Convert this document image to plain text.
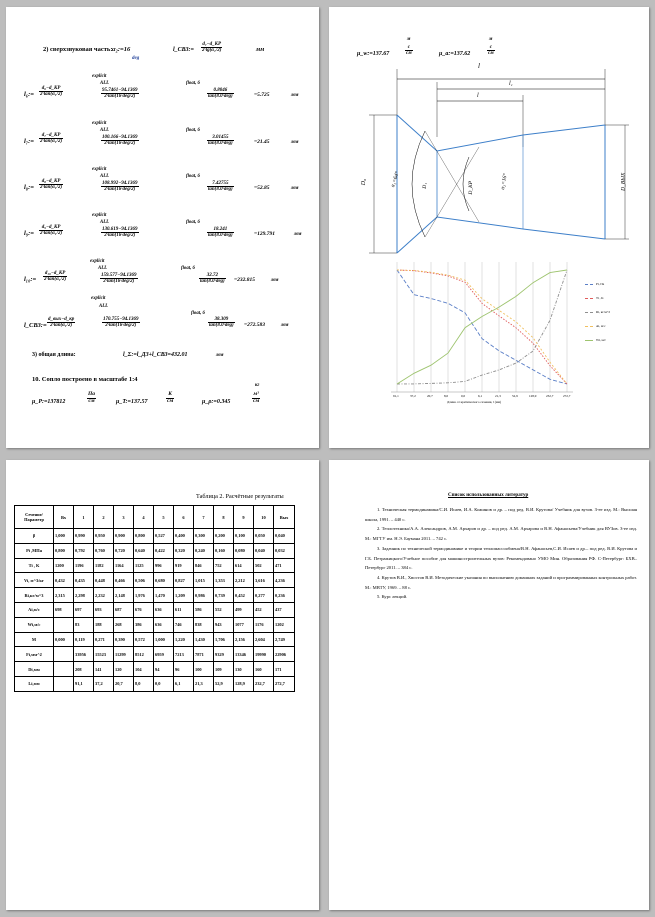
2) сверхзвуковая часть: α₂:=16
deg
l_СВЗ:=
d₇−d_КР
2·tg(α₁/2)	мм
l₆:=
d₆−d_КР
2·tan(α₁/2)
explicit
ALL
95.7461−94.1369
2·tan(16·deg/2)
float, 6
0.8046
tan(8.0·deg)	=5.725	мм
l₇:=
d₇−d_КР
2·tan(α₁/2)
explicit
ALL
100.166−94.1369
2·tan(16·deg/2)
float, 6
3.01455
tan(8.0·deg)	=21.45	мм
l₈:=
d₈−d_КР
2·tan(α₁/2)
explicit
ALL
108.992−94.1369
2·tan(16·deg/2)
float, 6
7.42755
tan(8.0·deg)	=52.85	мм
l₉:=
d₉−d_КР
2·tan(α₁/2)
explicit
ALL
130.619−94.1369
2·tan(16·deg/2)
float, 6
18.241
tan(8.0·deg)	=129.791	мм
l₁₀:=
d₁₀−d_КР
2·tan(α₁/2)
explicit
ALL
159.577−94.1369
2·tan(16·deg/2)
float, 6
32.72
tan(8.0·deg) =232.815	мм
l_СВЗ:=
d_вых−d_кр
2·tan(α₁/2)
explicit
ALL
170.755−94.1369
2·tan(16·deg/2)
float, 6
38.309
tan(8.0·deg) =272.583	мм
3) общая длина:	l_Σ:=l_ДЗ+l_СВЗ=432.01	мм
10. Сопло построено в масштабе 1:4
μ_P:=137812
Па
см	μ_T:=137.57
K
см	μ_ρ:=0.345
кг
м³
см
μ_w:=137.67
м
с
см	μ_a:=137.62
м
с
см
l
l₁
l
D₀
D₁
α₁=64°	D_КР	α₂=16°	D_ВЫХ
Pi, Па
Ti , K
Ri, кг/м^3
Ai, м/с
Wi, м/с
91,1	37,2	20,7	8,0	0,0	6,1	21,3	52,9	128,9	232,7	272,7
Длина от критического сечения, l (мм)
Таблица 2. Расчётные результаты
Сечение/ Параметр	Вх	1	2	3	4	5	6	7	8	9	10	Вых
β	1,000	0,990	0,950	0,900	0,800	0,527	0,400	0,300	0,200	0,100	0,050	0,040
Pi ,MПа	0,800	0,792	0,760	0,720	0,640	0,422	0,320	0,240	0,160	0,080	0,040	0,032
Ti , K	1200	1196	1182	1164	1125	996	919	846	752	614	502	471
Vi, м^3/кг	0,432	0,435	0,448	0,466	0,506	0,680	0,827	1,015	1,353	2,212	3,616	4,236
Ri,кг/м^3	2,315	2,298	2,232	2,148	1,976	1,470	1,209	0,986	0,739	0,452	0,277	0,236
Ai,м/с	698	697	693	687	676	636	611	586	552	499	452	437
Wi,м/с		83	188	268	386	636	746	838	943	1077	1176	1202
M	0,000	0,119	0,271	0,390	0,572	1,000	1,220	1,430	1,706	2,156	2,604	2,749
Fi,мм^2		33956	15523	11299	8512	6959	7213	7871	9329	13346	19990	22906
Di,мм		208	141	120	104	94	96	100	109	130	160	171
Li,мм		91,1	37,2	20,7	8,0	0,0	6,1	21,3	52,9	128,9	232,7	272,7
Список использованных литератур

1. Техническая термодинамика/С.И. Исаев, И.А. Кожинов и др. – под ред. В.И. Крутова/ Учебник для вузов. 3-ее изд. М.: Высшая школа, 1991. – 440 с.

2. Теплотехника/А.А. Александров, А.М. Архаров и др. – под ред. А.М. Архарова и В.Н. Афанасьева/Учебник для ВУЗов. 3-ее изд. М.: МГТУ им. Н.Э. Баумана 2011. – 742 с.

3. Задачник по технической термодинамике и теории тепломассообмена/В.Н. Афанасьев,С.И. Исаев и др.– под ред. В.И. Крутова и Г.Б. Петражицкого/Учебное пособие для машиностроительных вузов: Рекомендовано УМО Мин. Образования РФ. С-Петербург: БХВ–Петербург 2011. – 384 с.

4. Крутов В.И., Хвостов В.И. Методические указания по выполнению домашних заданий и программированных контрольных работ. М.: МВТУ, 1969. – 88 с.

5. Курс лекций.
